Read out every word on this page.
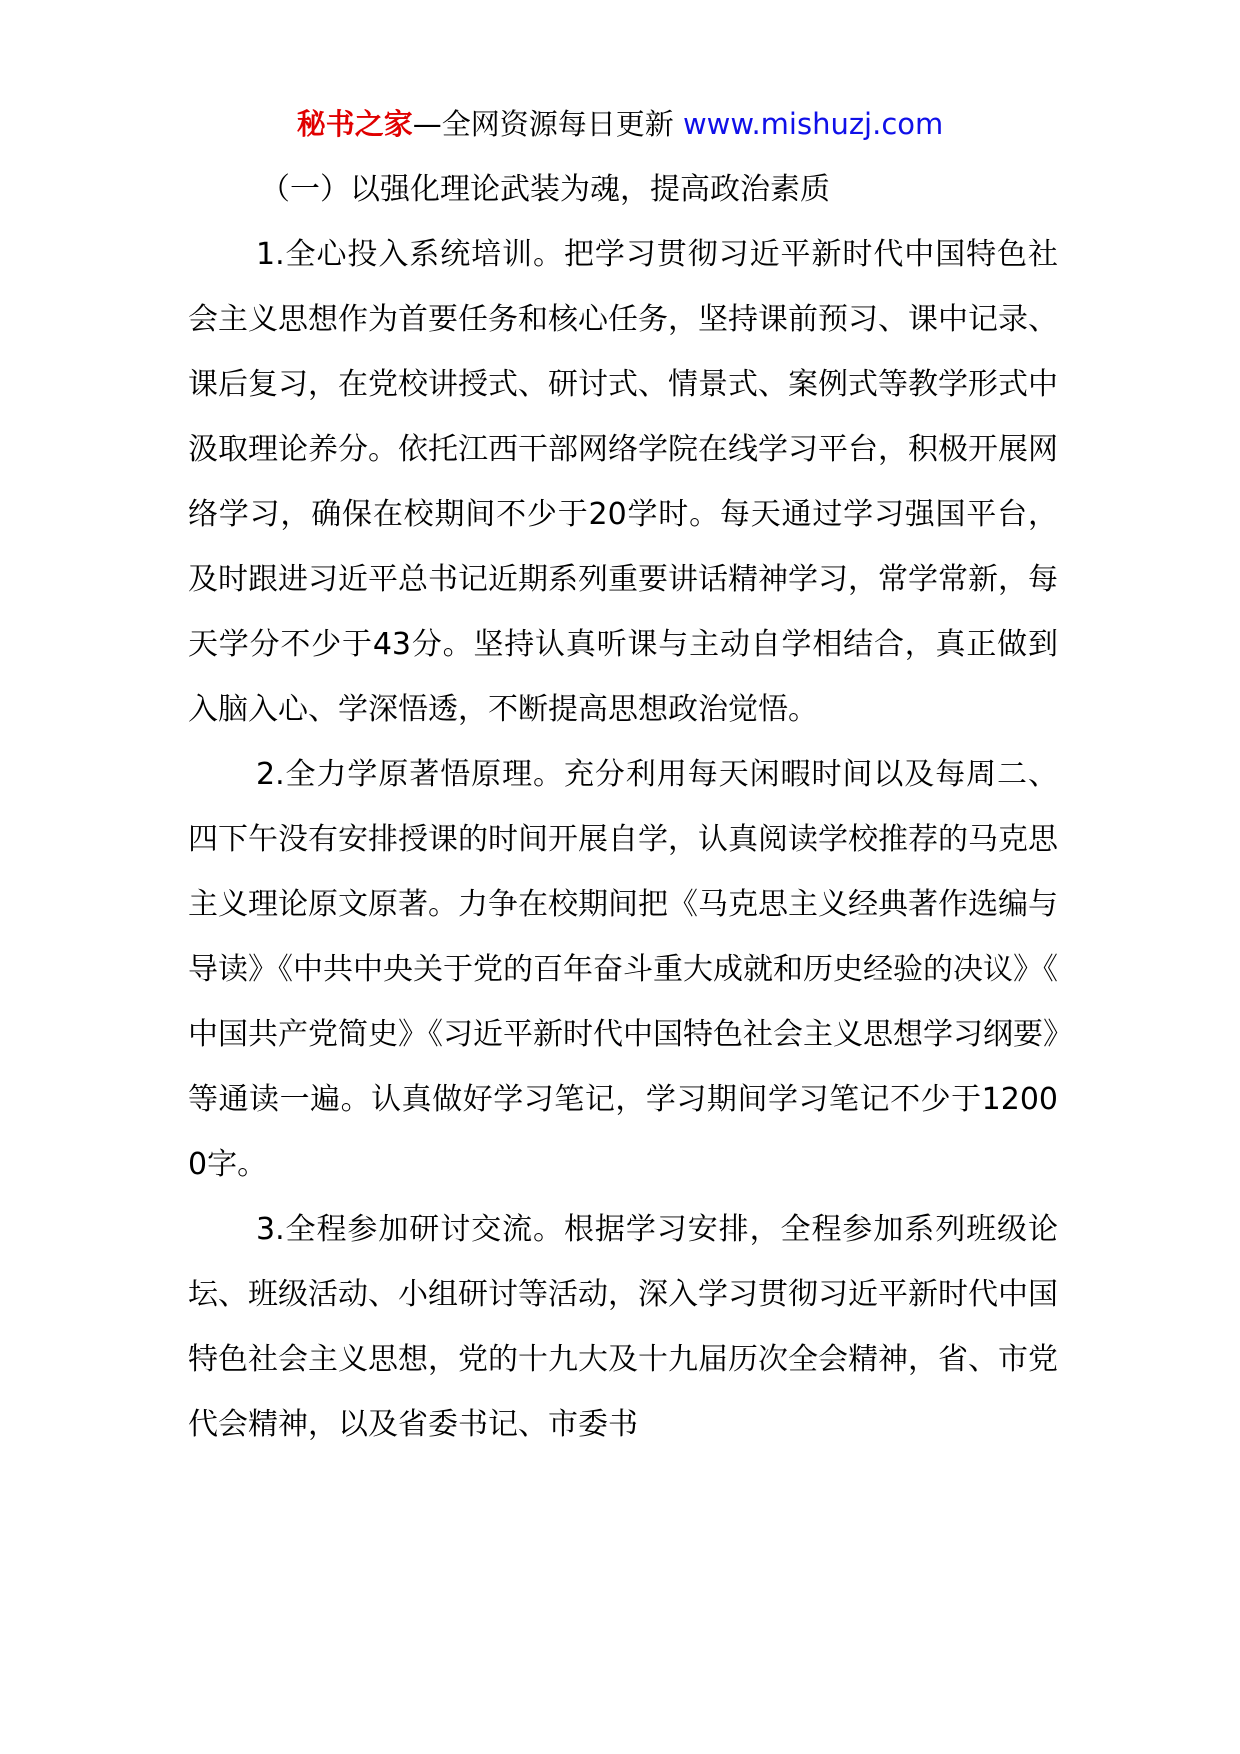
秘书之家—全网资源每日更新 www.mishuzj.com
（一）以强化理论武装为魂，提高政治素质

1.全心投入系统培训。把学习贯彻习近平新时代中国特色社会主义思想作为首要任务和核心任务，坚持课前预习、课中记录、课后复习，在党校讲授式、研讨式、情景式、案例式等教学形式中汲取理论养分。依托江西干部网络学院在线学习平台，积极开展网络学习，确保在校期间不少于20学时。每天通过学习强国平台，及时跟进习近平总书记近期系列重要讲话精神学习，常学常新，每天学分不少于43分。坚持认真听课与主动自学相结合，真正做到入脑入心、学深悟透，不断提高思想政治觉悟。

2.全力学原著悟原理。充分利用每天闲暇时间以及每周二、四下午没有安排授课的时间开展自学，认真阅读学校推荐的马克思主义理论原文原著。力争在校期间把《马克思主义经典著作选编与导读》《中共中央关于党的百年奋斗重大成就和历史经验的决议》《中国共产党简史》《习近平新时代中国特色社会主义思想学习纲要》等通读一遍。认真做好学习笔记，学习期间学习笔记不少于12000字。

3.全程参加研讨交流。根据学习安排，全程参加系列班级论坛、班级活动、小组研讨等活动，深入学习贯彻习近平新时代中国特色社会主义思想，党的十九大及十九届历次全会精神，省、市党代会精神，以及省委书记、市委书
